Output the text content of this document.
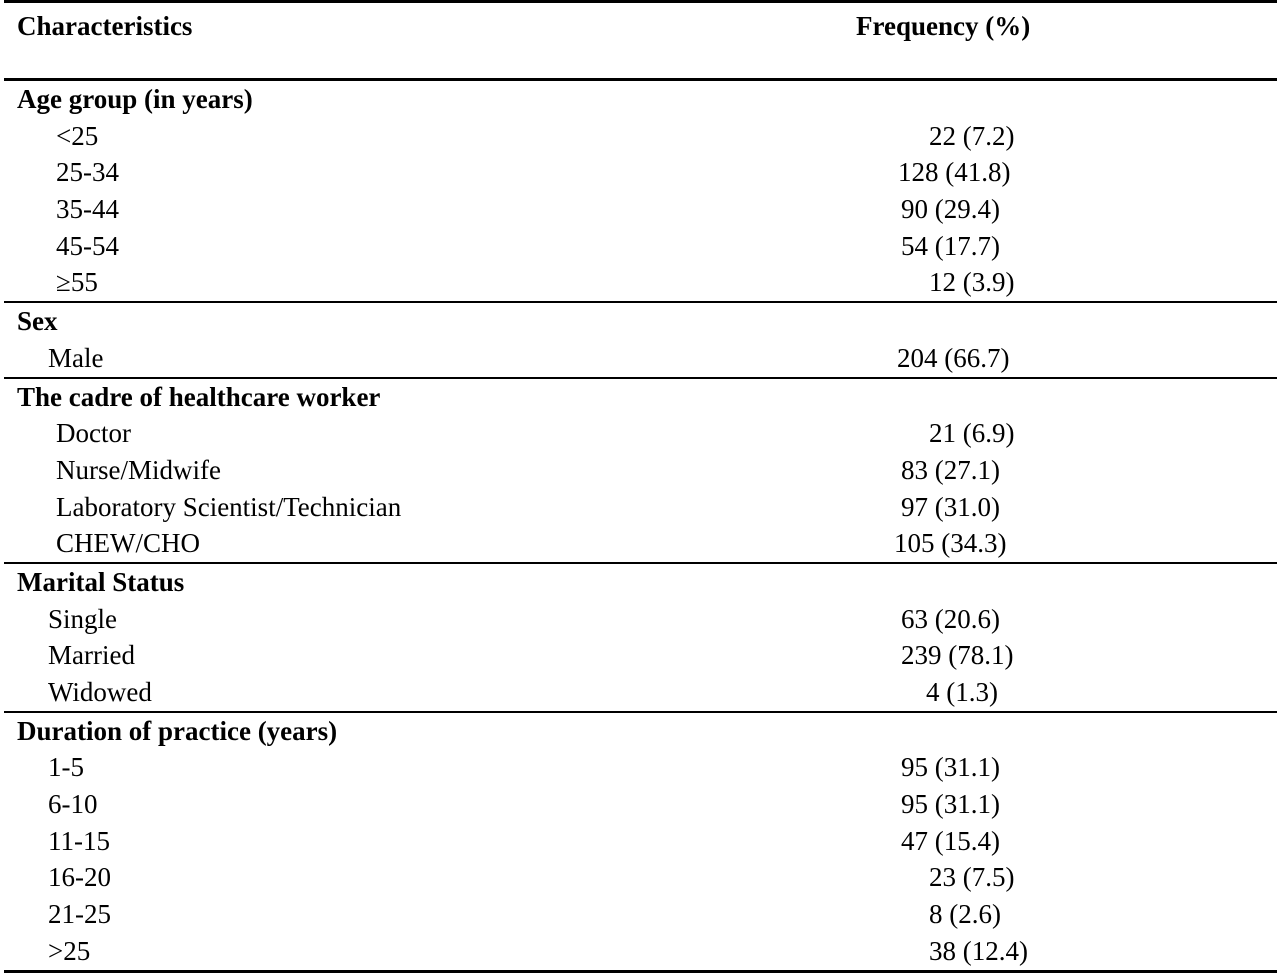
Characteristics	Frequency (%)
Age group (in years)
<25	22 (7.2)
25-34	128 (41.8)
35-44	90 (29.4)
45-54	54 (17.7)
≥55	12 (3.9)
Sex
Male	204 (66.7)
The cadre of healthcare worker
Doctor	21 (6.9)
Nurse/Midwife	83 (27.1)
Laboratory Scientist/Technician	97 (31.0)
CHEW/CHO	105 (34.3)
Marital Status
Single	63 (20.6)
Married	239 (78.1)
Widowed	4 (1.3)
Duration of practice (years)
1-5	95 (31.1)
6-10	95 (31.1)
11-15	47 (15.4)
16-20	23 (7.5)
21-25	8 (2.6)
>25	38 (12.4)
